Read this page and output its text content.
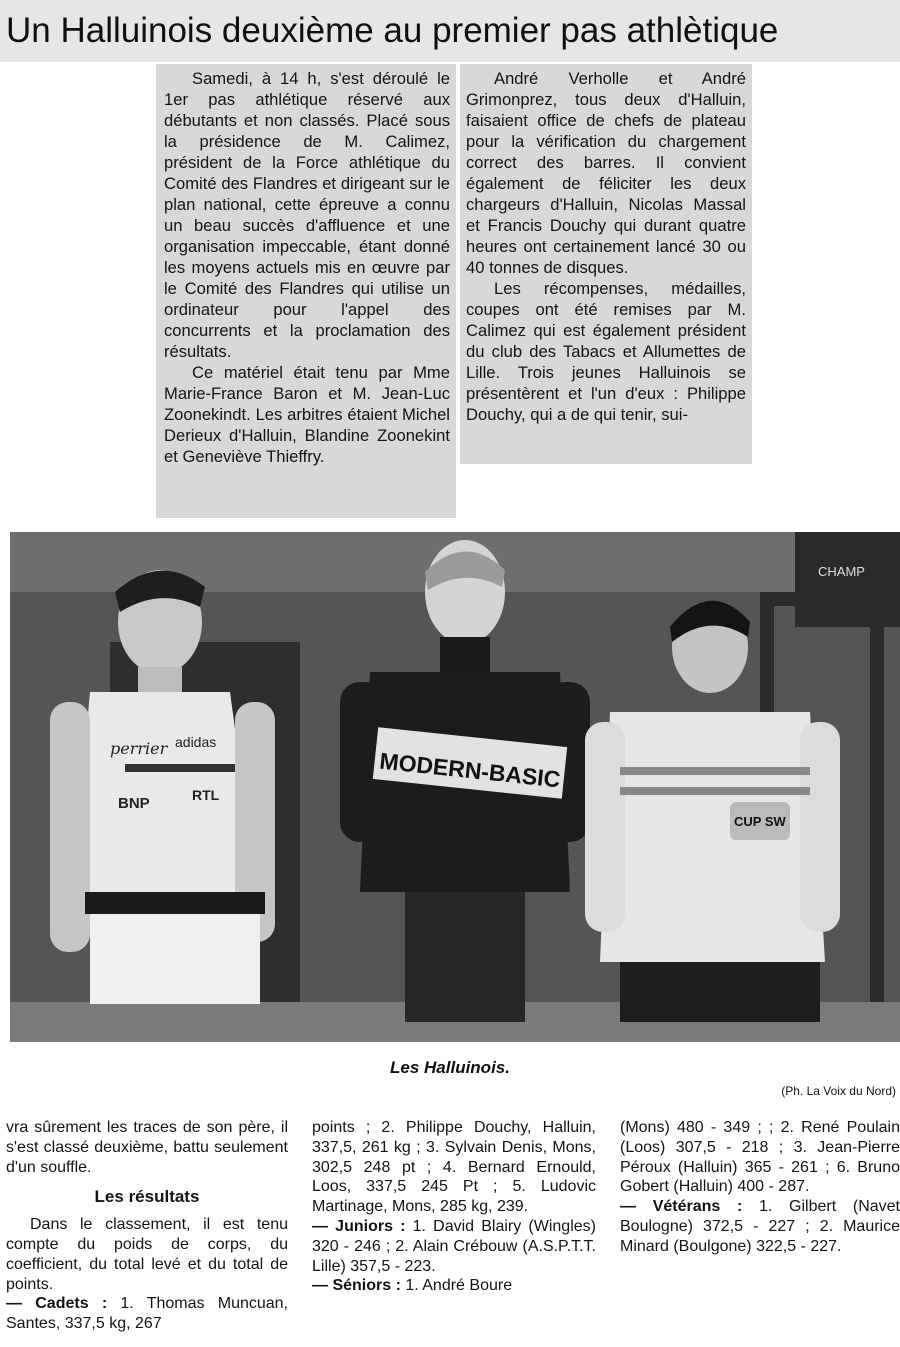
Un Halluinois deuxième au premier pas athlètique

Samedi, à 14 h, s'est déroulé le 1er pas athlétique réservé aux débutants et non classés. Placé sous la présidence de M. Calimez, président de la Force athlétique du Comité des Flandres et dirigeant sur le plan national, cette épreuve a connu un beau succès d'affluence et une organisation impeccable, étant donné les moyens actuels mis en œuvre par le Comité des Flandres qui utilise un ordinateur pour l'appel des concurrents et la proclamation des résultats.

Ce matériel était tenu par Mme Marie-France Baron et M. Jean-Luc Zoonekindt. Les arbitres étaient Michel Derieux d'Halluin, Blandine Zoonekint et Geneviève Thieffry.

André Verholle et André Grimonprez, tous deux d'Halluin, faisaient office de chefs de plateau pour la vérification du chargement correct des barres. Il convient également de féliciter les deux chargeurs d'Halluin, Nicolas Massal et Francis Douchy qui durant quatre heures ont certainement lancé 30 ou 40 tonnes de disques.

Les récompenses, médailles, coupes ont été remises par M. Calimez qui est également président du club des Tabacs et Allumettes de Lille. Trois jeunes Halluinois se présentèrent et l'un d'eux : Philippe Douchy, qui a de qui tenir, sui-

CHAMP
perrier adidas
BNP	RTL
MODERN-BASIC
CUP SW
Les Halluinois.
(Ph. La Voix du Nord)

vra sûrement les traces de son père, il s'est classé deuxième, battu seulement d'un souffle.

Les résultats

Dans le classement, il est tenu compte du poids de corps, du coefficient, du total levé et du total de points.

— Cadets : 1. Thomas Muncuan, Santes, 337,5 kg, 267

points ; 2. Philippe Douchy, Halluin, 337,5, 261 kg ; 3. Sylvain Denis, Mons, 302,5 248 pt ; 4. Bernard Ernould, Loos, 337,5 245 Pt ; 5. Ludovic Martinage, Mons, 285 kg, 239.

— Juniors : 1. David Blairy (Wingles) 320 - 246 ; 2. Alain Crébouw (A.S.P.T.T. Lille) 357,5 - 223.

— Séniors : 1. André Boure

(Mons) 480 - 349 ; ; 2. René Poulain (Loos) 307,5 - 218 ; 3. Jean-Pierre Péroux (Halluin) 365 - 261 ; 6. Bruno Gobert (Halluin) 400 - 287.

— Vétérans : 1. Gilbert (Navet Boulogne) 372,5 - 227 ; 2. Maurice Minard (Boulgone) 322,5 - 227.
